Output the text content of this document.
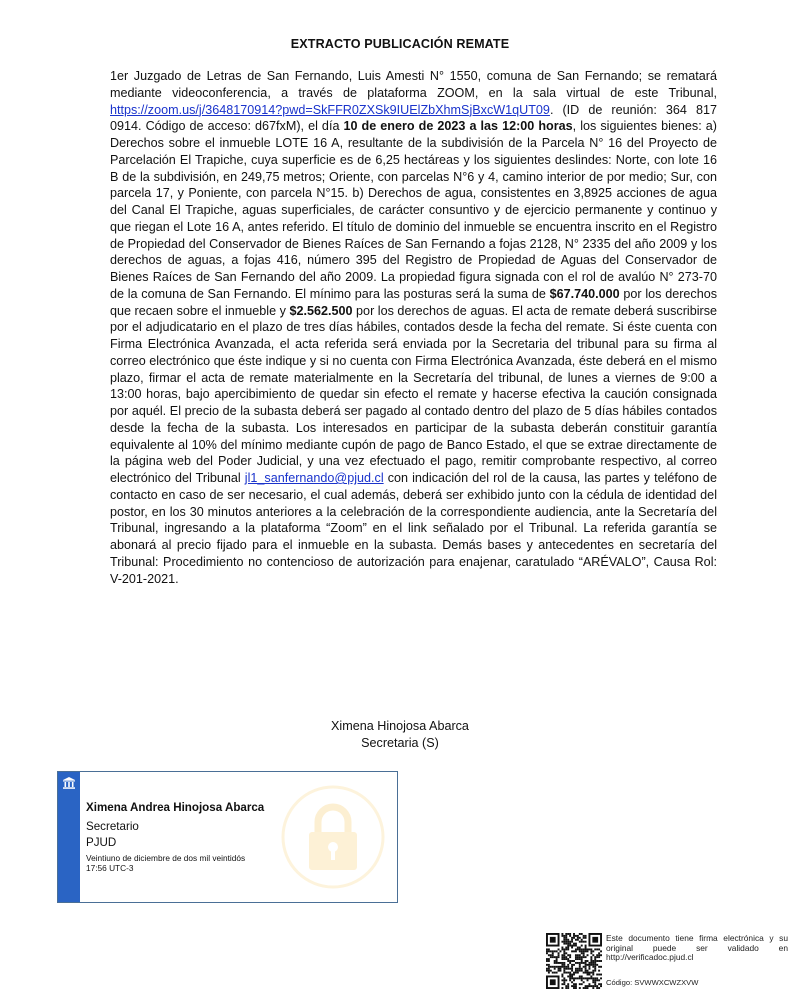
EXTRACTO PUBLICACIÓN REMATE
1er Juzgado de Letras de San Fernando, Luis Amesti N° 1550, comuna de San Fernando; se rematará mediante videoconferencia, a través de plataforma ZOOM, en la sala virtual de este Tribunal, https://zoom.us/j/3648170914?pwd=SkFFR0ZXSk9IUElZbXhmSjBxcW1qUT09. (ID de reunión: 364 817 0914. Código de acceso: d67fxM), el día 10 de enero de 2023 a las 12:00 horas, los siguientes bienes: a) Derechos sobre el inmueble LOTE 16 A, resultante de la subdivisión de la Parcela N° 16 del Proyecto de Parcelación El Trapiche, cuya superficie es de 6,25 hectáreas y los siguientes deslindes: Norte, con lote 16 B de la subdivisión, en 249,75 metros; Oriente, con parcelas N°6 y 4, camino interior de por medio; Sur, con parcela 17, y Poniente, con parcela N°15. b) Derechos de agua, consistentes en 3,8925 acciones de agua del Canal El Trapiche, aguas superficiales, de carácter consuntivo y de ejercicio permanente y continuo y que riegan el Lote 16 A, antes referido. El título de dominio del inmueble se encuentra inscrito en el Registro de Propiedad del Conservador de Bienes Raíces de San Fernando a fojas 2128, N° 2335 del año 2009 y los derechos de aguas, a fojas 416, número 395 del Registro de Propiedad de Aguas del Conservador de Bienes Raíces de San Fernando del año 2009. La propiedad figura signada con el rol de avalúo N° 273-70 de la comuna de San Fernando. El mínimo para las posturas será la suma de $67.740.000 por los derechos que recaen sobre el inmueble y $2.562.500 por los derechos de aguas. El acta de remate deberá suscribirse por el adjudicatario en el plazo de tres días hábiles, contados desde la fecha del remate. Si éste cuenta con Firma Electrónica Avanzada, el acta referida será enviada por la Secretaria del tribunal para su firma al correo electrónico que éste indique y si no cuenta con Firma Electrónica Avanzada, éste deberá en el mismo plazo, firmar el acta de remate materialmente en la Secretaría del tribunal, de lunes a viernes de 9:00 a 13:00 horas, bajo apercibimiento de quedar sin efecto el remate y hacerse efectiva la caución consignada por aquél. El precio de la subasta deberá ser pagado al contado dentro del plazo de 5 días hábiles contados desde la fecha de la subasta. Los interesados en participar de la subasta deberán constituir garantía equivalente al 10% del mínimo mediante cupón de pago de Banco Estado, el que se extrae directamente de la página web del Poder Judicial, y una vez efectuado el pago, remitir comprobante respectivo, al correo electrónico del Tribunal jl1_sanfernando@pjud.cl con indicación del rol de la causa, las partes y teléfono de contacto en caso de ser necesario, el cual además, deberá ser exhibido junto con la cédula de identidad del postor, en los 30 minutos anteriores a la celebración de la correspondiente audiencia, ante la Secretaría del Tribunal, ingresando a la plataforma “Zoom” en el link señalado por el Tribunal. La referida garantía se abonará al precio fijado para el inmueble en la subasta. Demás bases y antecedentes en secretaría del Tribunal: Procedimiento no contencioso de autorización para enajenar, caratulado “ARÉVALO”, Causa Rol: V-201-2021.
Ximena Hinojosa Abarca
Secretaria (S)
Ximena Andrea Hinojosa Abarca
Secretario
PJUD
Veintiuno de diciembre de dos mil veintidós
17:56 UTC-3
Este documento tiene firma electrónica y su original puede ser validado en http://verificadoc.pjud.cl
Código: SVWWXCWZXVW
